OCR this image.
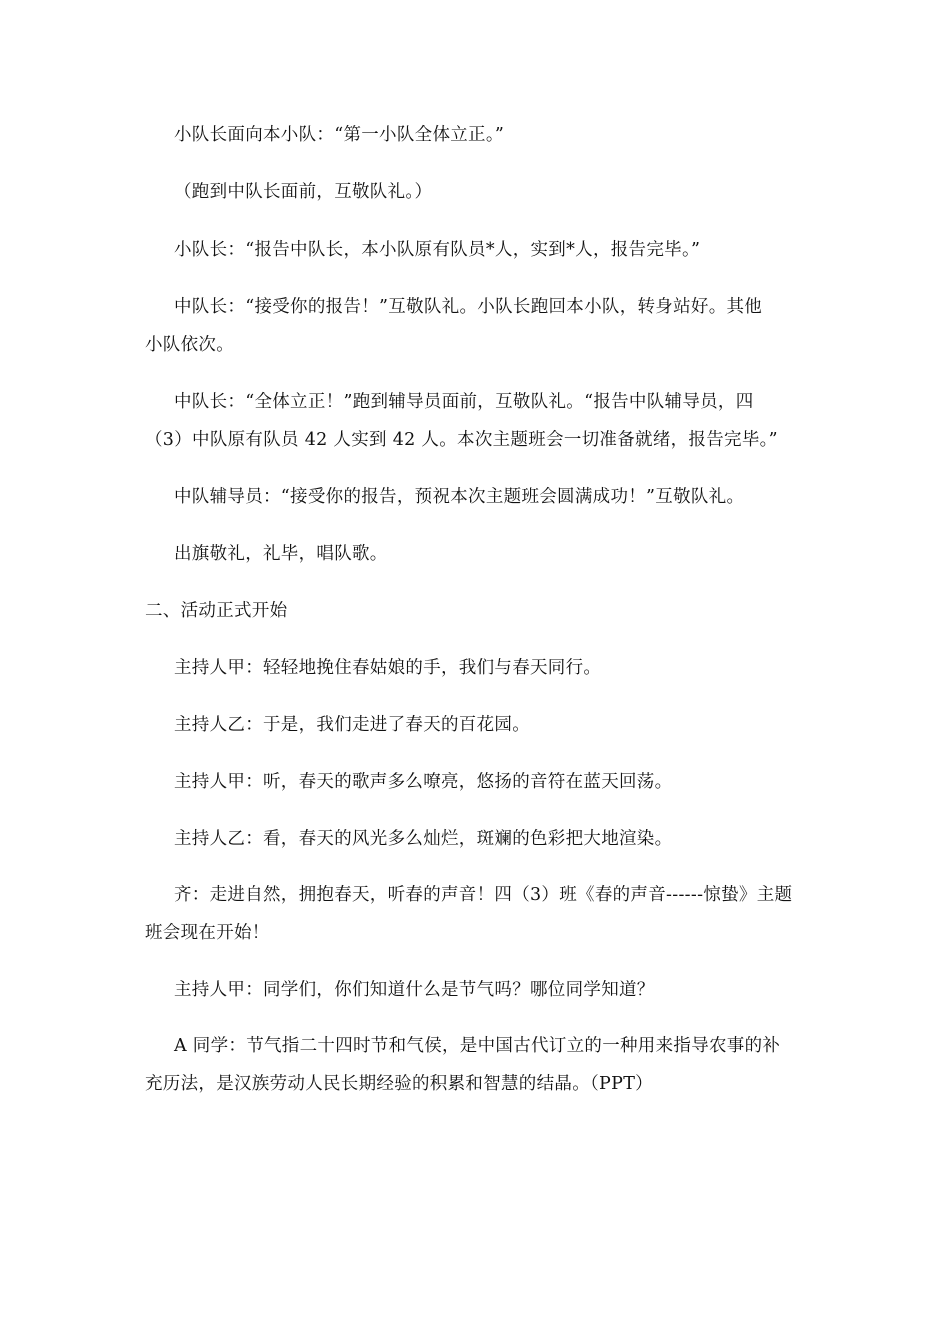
小队长面向本小队：“第一小队全体立正。”
（跑到中队长面前，互敬队礼。）
小队长：“报告中队长，本小队原有队员*人，实到*人，报告完毕。”
中队长：“接受你的报告！”互敬队礼。小队长跑回本小队，转身站好。其他
小队依次。
中队长：“全体立正！”跑到辅导员面前，互敬队礼。“报告中队辅导员，四
（3）中队原有队员 42 人实到 42 人。本次主题班会一切准备就绪，报告完毕。”
中队辅导员：“接受你的报告，预祝本次主题班会圆满成功！”互敬队礼。
出旗敬礼，礼毕，唱队歌。
二、活动正式开始
主持人甲：轻轻地挽住春姑娘的手，我们与春天同行。
主持人乙：于是，我们走进了春天的百花园。
主持人甲：听，春天的歌声多么嘹亮，悠扬的音符在蓝天回荡。
主持人乙：看，春天的风光多么灿烂，斑斓的色彩把大地渲染。
齐：走进自然，拥抱春天，听春的声音！四（3）班《春的声音------惊蛰》主题
班会现在开始！
主持人甲：同学们，你们知道什么是节气吗？哪位同学知道？
A 同学：节气指二十四时节和气侯，是中国古代订立的一种用来指导农事的补
充历法，是汉族劳动人民长期经验的积累和智慧的结晶。（PPT）
